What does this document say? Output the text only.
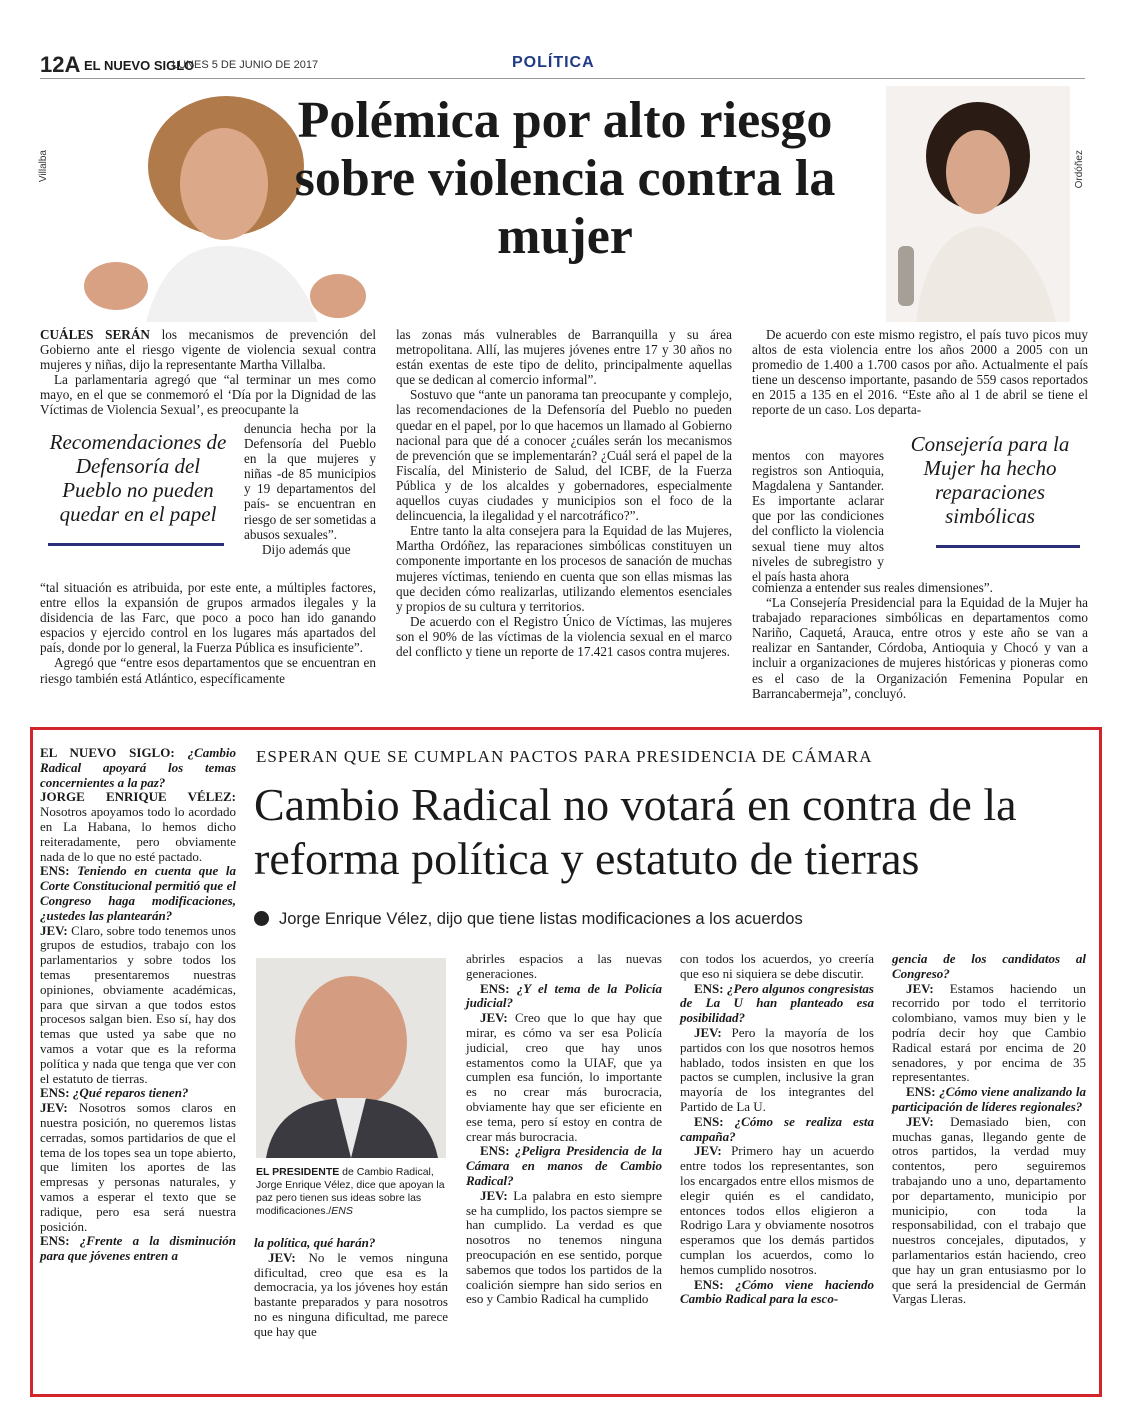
12A EL NUEVO SIGLO
LUNES 5 DE JUNIO DE 2017	POLÍTICA
Villalba	Ordóñez
Polémica por alto riesgo sobre violencia contra la mujer

CUÁLES SERÁN los mecanismos de prevención del Gobierno ante el riesgo vigente de violencia sexual contra mujeres y niñas, dijo la representante Martha Villalba.

La parlamentaria agregó que “al terminar un mes como mayo, en el que se conmemoró el ‘Día por la Dignidad de las Víctimas de Violencia Sexual’, es preocupante la

Recomendaciones de Defensoría del Pueblo no pueden quedar en el papel

denuncia hecha por la Defensoría del Pueblo en la que mujeres y niñas -de 85 municipios y 19 departamentos del país- se encuentran en riesgo de ser sometidas a abusos sexuales”.

Dijo además que

“tal situación es atribuida, por este ente, a múltiples factores, entre ellos la expansión de grupos armados ilegales y la disidencia de las Farc, que poco a poco han ido ganando espacios y ejercido control en los lugares más apartados del país, donde por lo general, la Fuerza Pública es insuficiente”.

Agregó que “entre esos departamentos que se encuentran en riesgo también está Atlántico, específicamente

las zonas más vulnerables de Barranquilla y su área metropolitana. Allí, las mujeres jóvenes entre 17 y 30 años no están exentas de este tipo de delito, principalmente aquellas que se dedican al comercio informal”.

Sostuvo que “ante un panorama tan preocupante y complejo, las recomendaciones de la Defensoría del Pueblo no pueden quedar en el papel, por lo que hacemos un llamado al Gobierno nacional para que dé a conocer ¿cuáles serán los mecanismos de prevención que se implementarán? ¿Cuál será el papel de la Fiscalía, del Ministerio de Salud, del ICBF, de la Fuerza Pública y de los alcaldes y gobernadores, especialmente aquellos cuyas ciudades y municipios son el foco de la delincuencia, la ilegalidad y el narcotráfico?”.

Entre tanto la alta consejera para la Equidad de las Mujeres, Martha Ordóñez, las reparaciones simbólicas constituyen un componente importante en los procesos de sanación de muchas mujeres víctimas, teniendo en cuenta que son ellas mismas las que deciden cómo realizarlas, utilizando elementos esenciales y propios de su cultura y territorios.

De acuerdo con el Registro Único de Víctimas, las mujeres son el 90% de las víctimas de la violencia sexual en el marco del conflicto y tiene un reporte de 17.421 casos contra mujeres.

De acuerdo con este mismo registro, el país tuvo picos muy altos de esta violencia entre los años 2000 a 2005 con un promedio de 1.400 a 1.700 casos por año. Actualmente el país tiene un descenso importante, pasando de 559 casos reportados en 2015 a 135 en el 2016. “Este año al 1 de abril se tiene el reporte de un caso. Los departa-

mentos con mayores registros son Antioquia, Magdalena y Santander. Es importante aclarar que por las condiciones del conflicto la violencia sexual tiene muy altos niveles de subregistro y el país hasta ahora

Consejería para la Mujer ha hecho reparaciones simbólicas

comienza a entender sus reales dimensiones”.

“La Consejería Presidencial para la Equidad de la Mujer ha trabajado reparaciones simbólicas en departamentos como Nariño, Caquetá, Arauca, entre otros y este año se van a realizar en Santander, Córdoba, Antioquia y Chocó y van a incluir a organizaciones de mujeres históricas y pioneras como es el caso de la Organización Femenina Popular en Barrancabermeja”, concluyó.

ESPERAN QUE SE CUMPLAN PACTOS PARA PRESIDENCIA DE CÁMARA
Cambio Radical no votará en contra de la reforma política y estatuto de tierras
Jorge Enrique Vélez, dijo que tiene listas modificaciones a los acuerdos

EL NUEVO SIGLO: ¿Cambio Radical apoyará los temas concernientes a la paz?

JORGE ENRIQUE VÉLEZ: Nosotros apoyamos todo lo acordado en La Habana, lo hemos dicho reiteradamente, pero obviamente nada de lo que no esté pactado.

ENS: Teniendo en cuenta que la Corte Constitucional permitió que el Congreso haga modificaciones, ¿ustedes las plantearán?

JEV: Claro, sobre todo tenemos unos grupos de estudios, trabajo con los parlamentarios y sobre todos los temas presentaremos nuestras opiniones, obviamente académicas, para que sirvan a que todos estos procesos salgan bien. Eso sí, hay dos temas que usted ya sabe que no vamos a votar que es la reforma política y nada que tenga que ver con el estatuto de tierras.

ENS: ¿Qué reparos tienen?

JEV: Nosotros somos claros en nuestra posición, no queremos listas cerradas, somos partidarios de que el tema de los topes sea un tope abierto, que limiten los aportes de las empresas y personas naturales, y vamos a esperar el texto que se radique, pero esa será nuestra posición.

ENS: ¿Frente a la disminución para que jóvenes entren a

EL PRESIDENTE de Cambio Radical, Jorge Enrique Vélez, dice que apoyan la paz pero tienen sus ideas sobre las modificaciones./ENS

la política, qué harán?

JEV: No le vemos ninguna dificultad, creo que esa es la democracia, ya los jóvenes hoy están bastante preparados y para nosotros no es ninguna dificultad, me parece que hay que

abrirles espacios a las nuevas generaciones.

ENS: ¿Y el tema de la Policía judicial?

JEV: Creo que lo que hay que mirar, es cómo va ser esa Policía judicial, creo que hay unos estamentos como la UIAF, que ya cumplen esa función, lo importante es no crear más burocracia, obviamente hay que ser eficiente en ese tema, pero sí estoy en contra de crear más burocracia.

ENS: ¿Peligra Presidencia de la Cámara en manos de Cambio Radical?

JEV: La palabra en esto siempre se ha cumplido, los pactos siempre se han cumplido. La verdad es que nosotros no tenemos ninguna preocupación en ese sentido, porque sabemos que todos los partidos de la coalición siempre han sido serios en eso y Cambio Radical ha cumplido

con todos los acuerdos, yo creería que eso ni siquiera se debe discutir.

ENS: ¿Pero algunos congresistas de La U han planteado esa posibilidad?

JEV: Pero la mayoría de los partidos con los que nosotros hemos hablado, todos insisten en que los pactos se cumplen, inclusive la gran mayoría de los integrantes del Partido de La U.

ENS: ¿Cómo se realiza esta campaña?

JEV: Primero hay un acuerdo entre todos los representantes, son los encargados entre ellos mismos de elegir quién es el candidato, entonces todos ellos eligieron a Rodrigo Lara y obviamente nosotros esperamos que los demás partidos cumplan los acuerdos, como lo hemos cumplido nosotros.

ENS: ¿Cómo viene haciendo Cambio Radical para la esco-

gencia de los candidatos al Congreso?

JEV: Estamos haciendo un recorrido por todo el territorio colombiano, vamos muy bien y le podría decir hoy que Cambio Radical estará por encima de 20 senadores, y por encima de 35 representantes.

ENS: ¿Cómo viene analizando la participación de líderes regionales?

JEV: Demasiado bien, con muchas ganas, llegando gente de otros partidos, la verdad muy contentos, pero seguiremos trabajando uno a uno, departamento por departamento, municipio por municipio, con toda la responsabilidad, con el trabajo que nuestros concejales, diputados, y parlamentarios están haciendo, creo que hay un gran entusiasmo por lo que será la presidencial de Germán Vargas Lleras.
